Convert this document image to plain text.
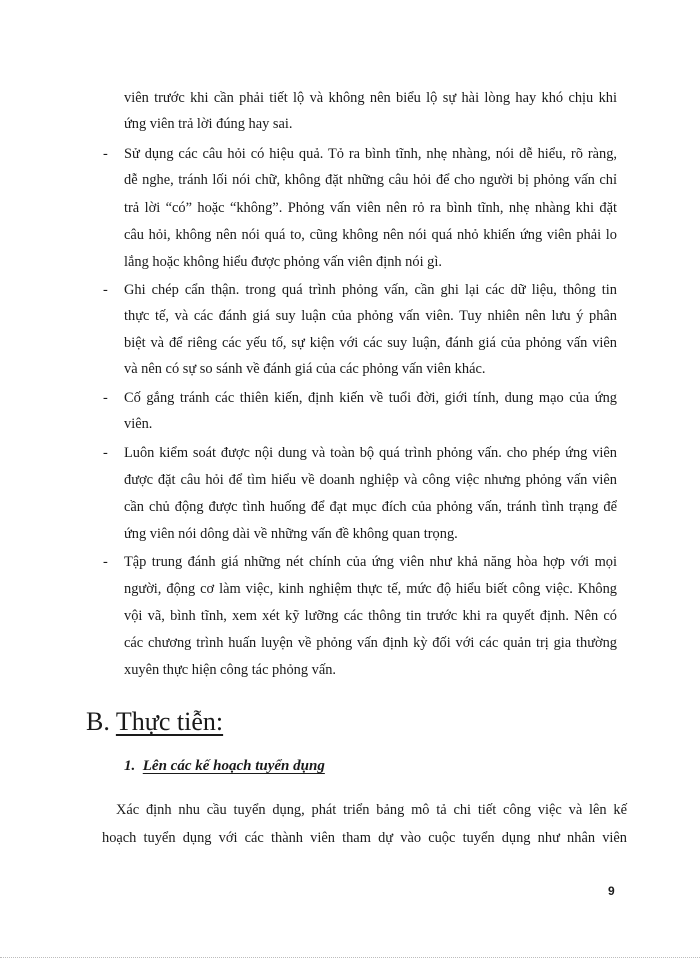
viên trước khi cần phải tiết lộ và không nên biểu lộ sự hài lòng hay khó chịu khi
ứng viên trả lời đúng hay sai.
-	Sử dụng các câu hỏi có hiệu quả. Tỏ ra bình tĩnh, nhẹ nhàng, nói dễ hiểu, rõ ràng,
dễ nghe, tránh lối nói chữ, không đặt những câu hỏi để cho người bị phỏng vấn chỉ
trả lời “có” hoặc “không”. Phỏng vấn viên nên rỏ ra bình tĩnh, nhẹ nhàng khi đặt
câu hỏi, không nên nói quá to, cũng không nên nói quá nhỏ khiến ứng viên phải lo
lắng hoặc không hiểu được phỏng vấn viên định nói gì.
-	Ghi chép cẩn thận. trong quá trình phỏng vấn, cần ghi lại các dữ liệu, thông tin
thực tế, và các đánh giá suy luận của phỏng vấn viên. Tuy nhiên nên lưu ý phân
biệt và để riêng các yếu tố, sự kiện với các suy luận, đánh giá của phỏng vấn viên
và nên có sự so sánh về đánh giá của các phỏng vấn viên khác.
-	Cố gắng tránh các thiên kiến, định kiến về tuổi đời, giới tính, dung mạo của ứng
viên.
-	Luôn kiểm soát được nội dung và toàn bộ quá trình phỏng vấn. cho phép ứng viên
được đặt câu hỏi để tìm hiểu về doanh nghiệp và công việc nhưng phỏng vấn viên
cần chủ động được tình huống để đạt mục đích của phỏng vấn, tránh tình trạng để
ứng viên nói dông dài về những vấn đề không quan trọng.
-	Tập trung đánh giá những nét chính của ứng viên như khả năng hòa hợp với mọi
người, động cơ làm việc, kinh nghiệm thực tế, mức độ hiểu biết công việc. Không
vội vã, bình tĩnh, xem xét kỹ lưỡng các thông tin trước khi ra quyết định. Nên có
các chương trình huấn luyện về phỏng vấn định kỳ đối với các quản trị gia thường
xuyên thực hiện công tác phỏng vấn.
B. Thực tiễn:
1. Lên các kế hoạch tuyển dụng
Xác định nhu cầu tuyển dụng, phát triển bảng mô tả chi tiết công việc và lên kế
hoạch tuyển dụng với các thành viên tham dự vào cuộc tuyển dụng như nhân viên
9
